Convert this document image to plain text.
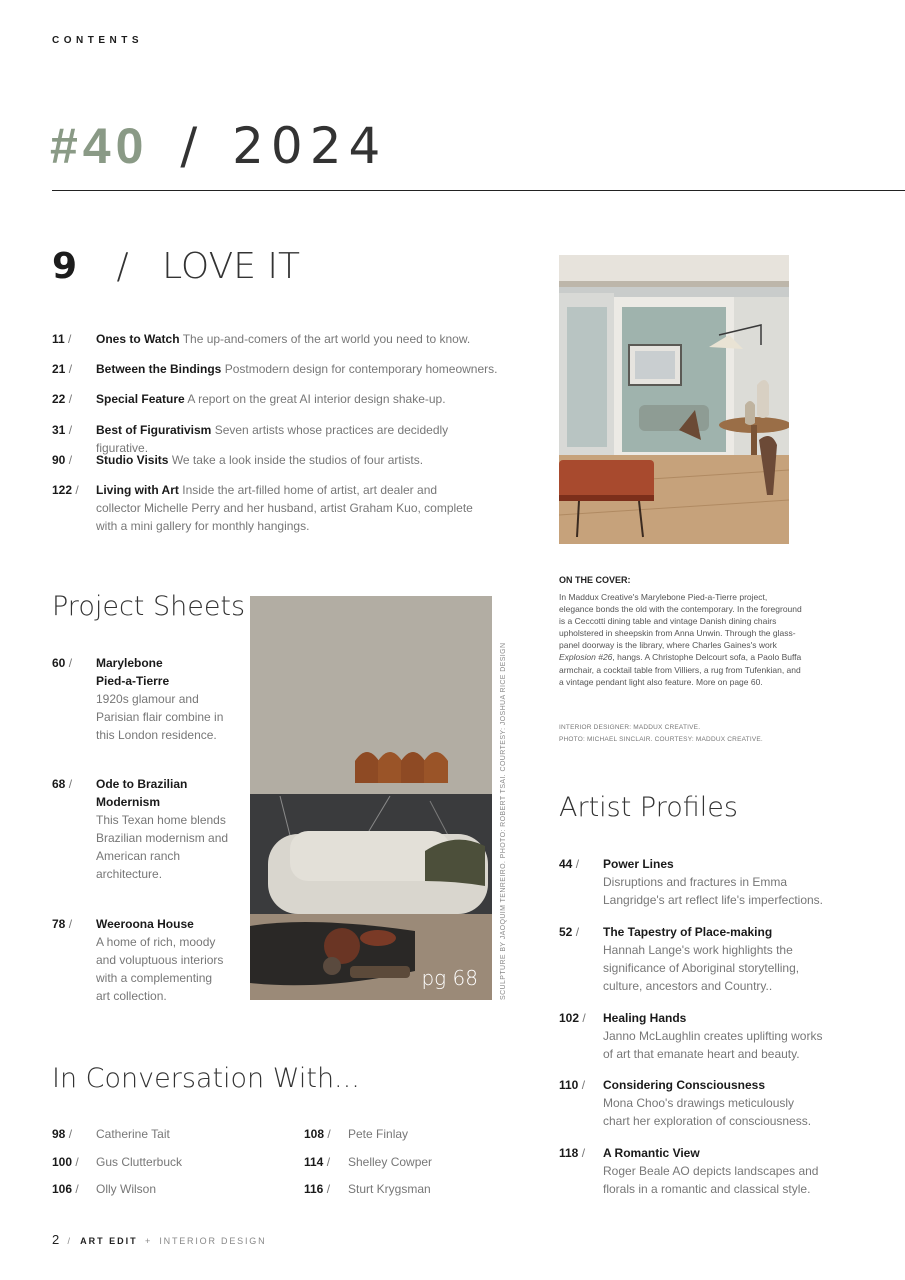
CONTENTS
#40 / 2024
9 / LOVE IT
11 / Ones to Watch The up-and-comers of the art world you need to know.
21 / Between the Bindings Postmodern design for contemporary homeowners.
22 / Special Feature A report on the great AI interior design shake-up.
31 / Best of Figurativism Seven artists whose practices are decidedly figurative.
90 / Studio Visits We take a look inside the studios of four artists.
122 / Living with Art Inside the art-filled home of artist, art dealer and collector Michelle Perry and her husband, artist Graham Kuo, complete with a mini gallery for monthly hangings.
ON THE COVER:
In Maddux Creative's Marylebone Pied-a-Tierre project, elegance bonds the old with the contemporary. In the foreground is a Ceccotti dining table and vintage Danish dining chairs upholstered in sheepskin from Anna Unwin. Through the glass-panel doorway is the library, where Charles Gaines's work Explosion #26, hangs. A Christophe Delcourt sofa, a Paolo Buffa armchair, a cocktail table from Villiers, a rug from Tufenkian, and a vintage pendant light also feature. More on page 60.
INTERIOR DESIGNER: MADDUX CREATIVE.
PHOTO: MICHAEL SINCLAIR. COURTESY: MADDUX CREATIVE.
Project Sheets
60 / Marylebone Pied-a-Tierre
1920s glamour and Parisian flair combine in this London residence.
68 / Ode to Brazilian Modernism
This Texan home blends Brazilian modernism and American ranch architecture.
78 / Weeroona House
A home of rich, moody and voluptuous interiors with a complementing art collection.
pg 68	SCULPTURE BY JAOQUIM TENREIRO. PHOTO: ROBERT TSAI. COURTESY: JOSHUA RICE DESIGN Artist Profiles
44 / Power Lines
Disruptions and fractures in Emma Langridge's art reflect life's imperfections.
52 / The Tapestry of Place-making
Hannah Lange's work highlights the significance of Aboriginal storytelling, culture, ancestors and Country..
102 / Healing Hands
Janno McLaughlin creates uplifting works of art that emanate heart and beauty.
110 / Considering Consciousness
Mona Choo's drawings meticulously chart her exploration of consciousness.
118 / A Romantic View
Roger Beale AO depicts landscapes and florals in a romantic and classical style.
In Conversation With...
98 / Catherine Tait
100 / Gus Clutterbuck
106 / Olly Wilson
108 / Pete Finlay
114 / Shelley Cowper
116 / Sturt Krygsman
2 / ART EDIT + INTERIOR DESIGN
